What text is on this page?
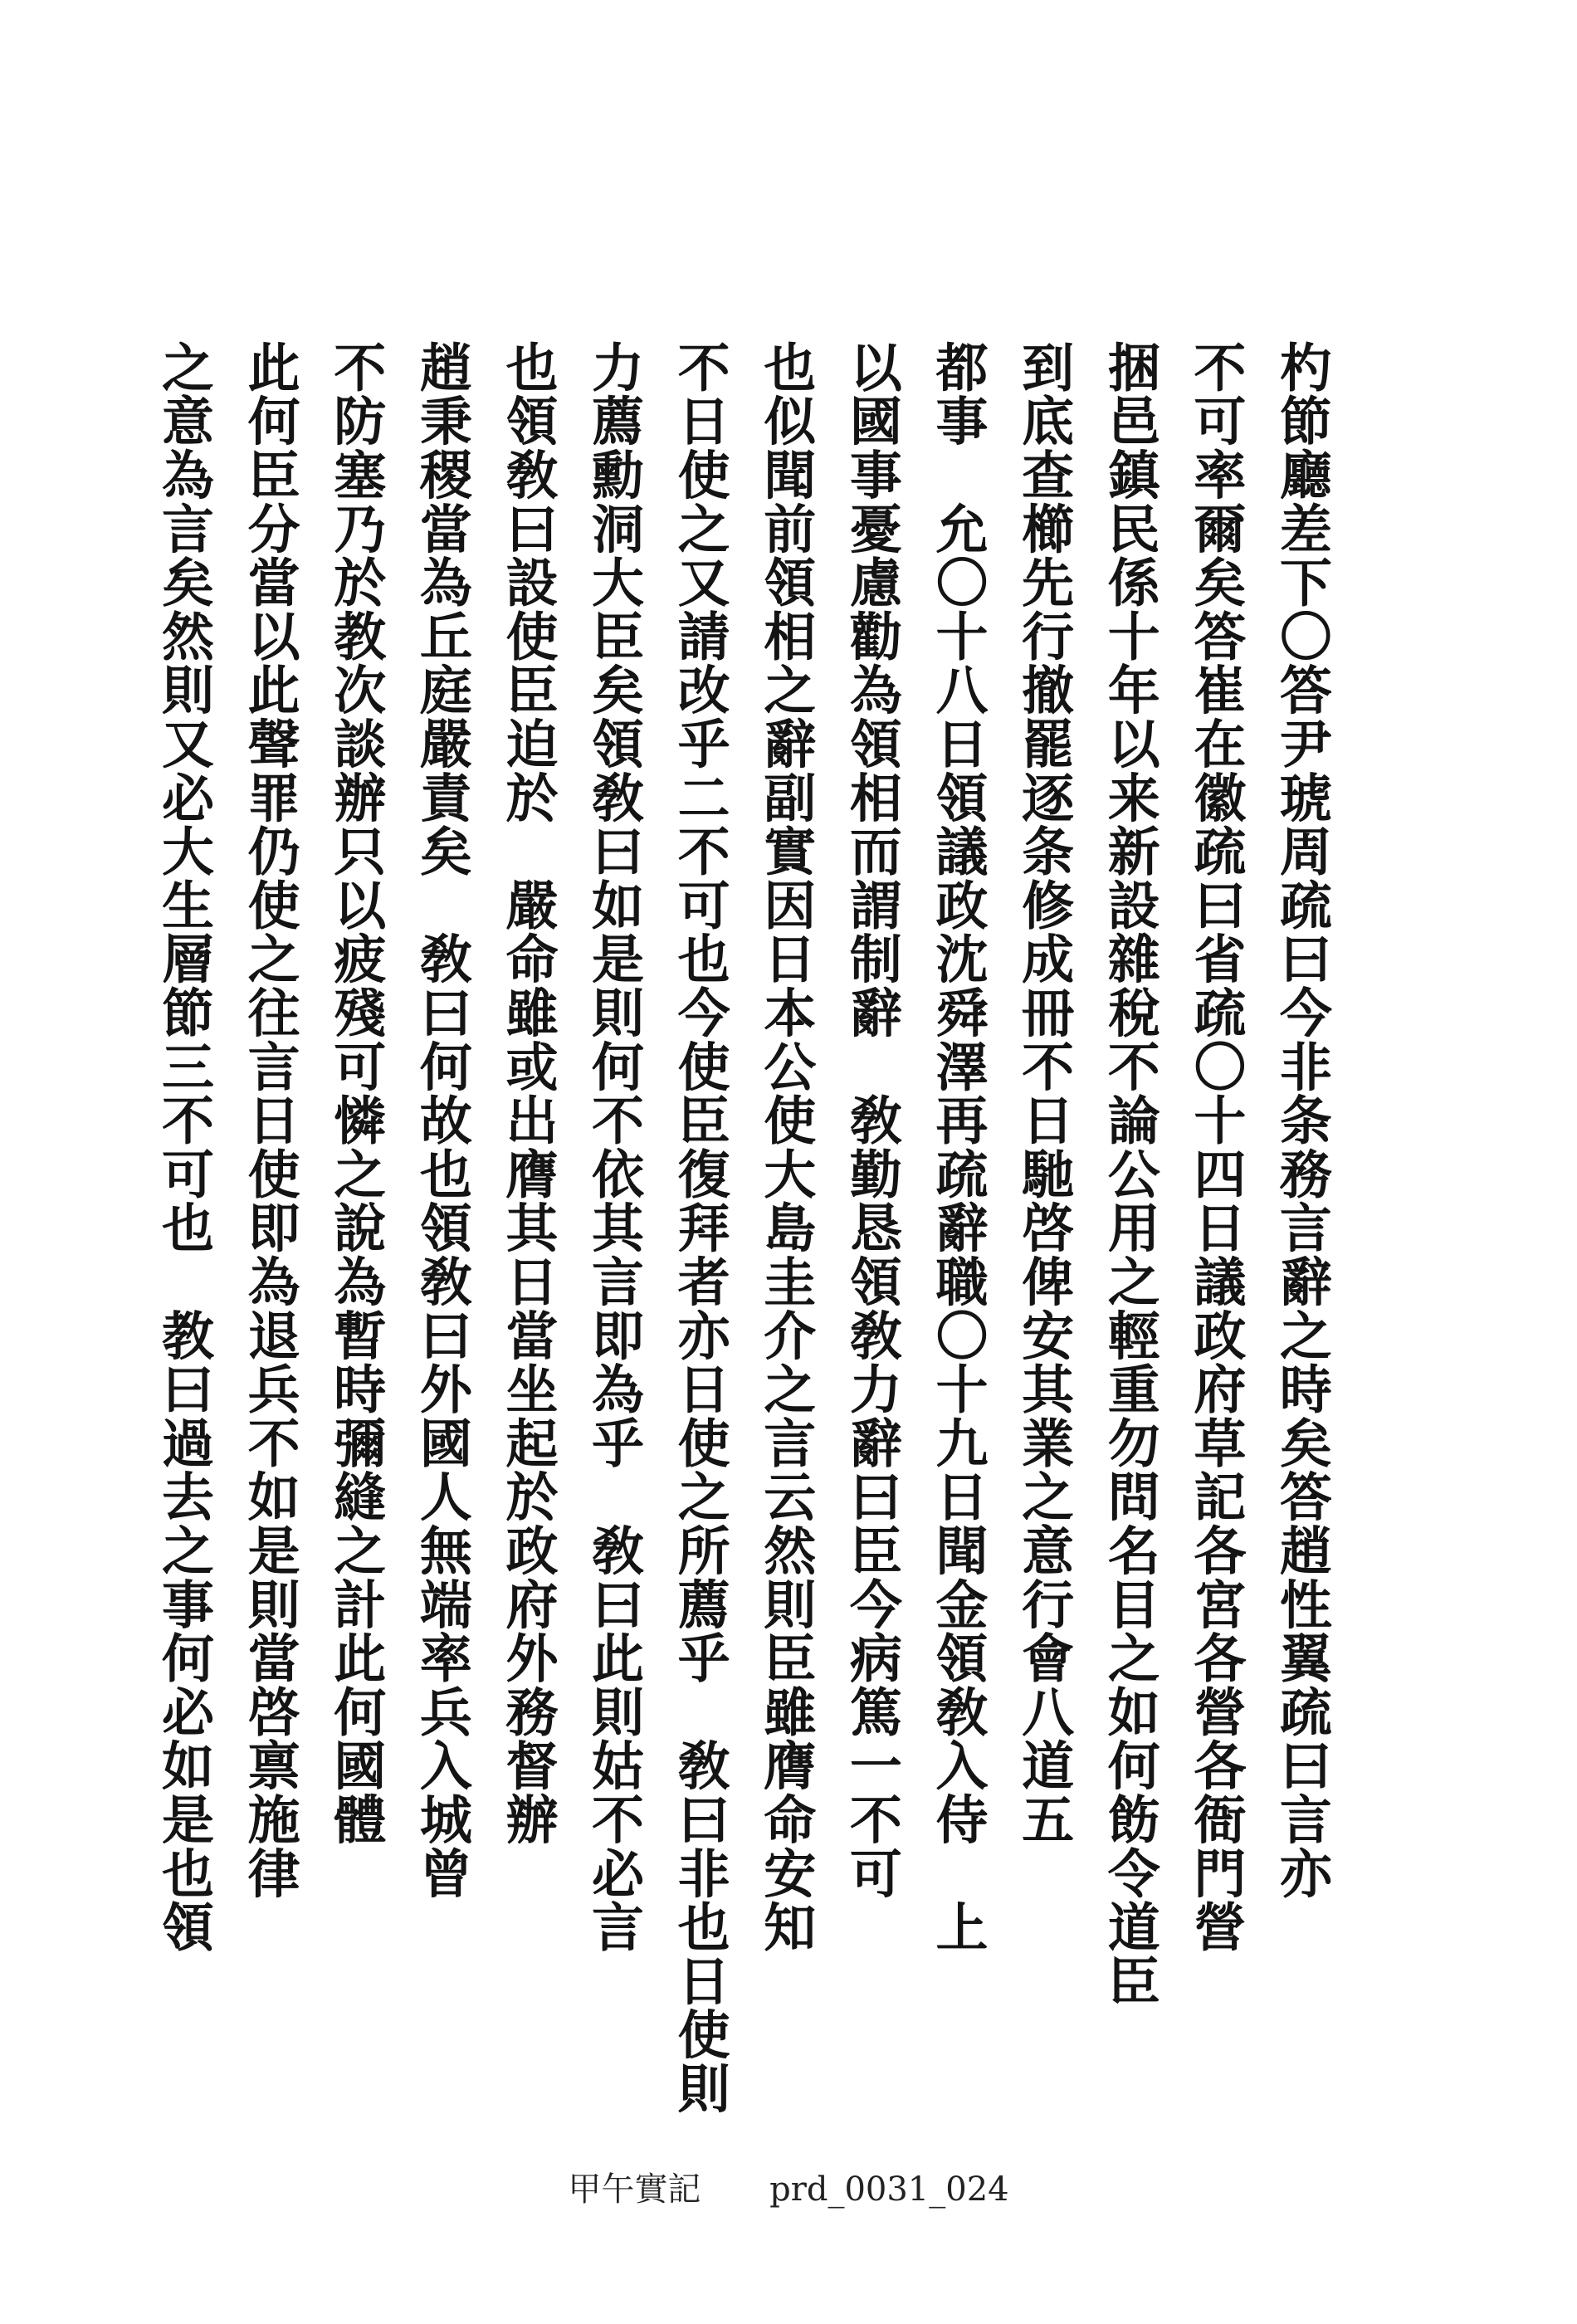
杓節廳差下〇答尹琥周疏曰今非条務言辭之時矣答趙性翼疏曰言亦
不可率爾矣答崔在徽疏曰省疏〇十四日議政府草記各宮各營各衙門營
捆邑鎮民係十年以来新設雜稅不論公用之輕重勿問名目之如何飭令道臣
到底查櫛先行撤罷逐条修成冊不日馳啓俾安其業之意行會八道五
都事　允〇十八日領議政沈舜澤再疏辭職〇十九日聞金領敎入侍　上
以國事憂慮勸為領相而謂制辭　敎勤恳領敎力辭曰臣今病篤一不可
也似聞前領相之辭副實因日本公使大島圭介之言云然則臣雖膺命安知
不日使之又請改乎二不可也今使臣復拜者亦日使之所薦乎　敎曰非也日使則
力薦勳洞大臣矣領敎曰如是則何不依其言即為乎　敎曰此則姑不必言
也領敎曰設使臣迫於　嚴命雖或出膺其日當坐起於政府外務督辦
趙秉稷當為丘庭嚴責矣　敎曰何故也領敎曰外國人無端率兵入城曾
不防塞乃於教次談辦只以疲殘可憐之說為暫時彌縫之計此何國體
此何臣分當以此聲罪仍使之往言日使即為退兵不如是則當啓禀施律
之意為言矣然則又必大生層節三不可也　教曰過去之事何必如是也領
甲午實記 prd_0031_024
